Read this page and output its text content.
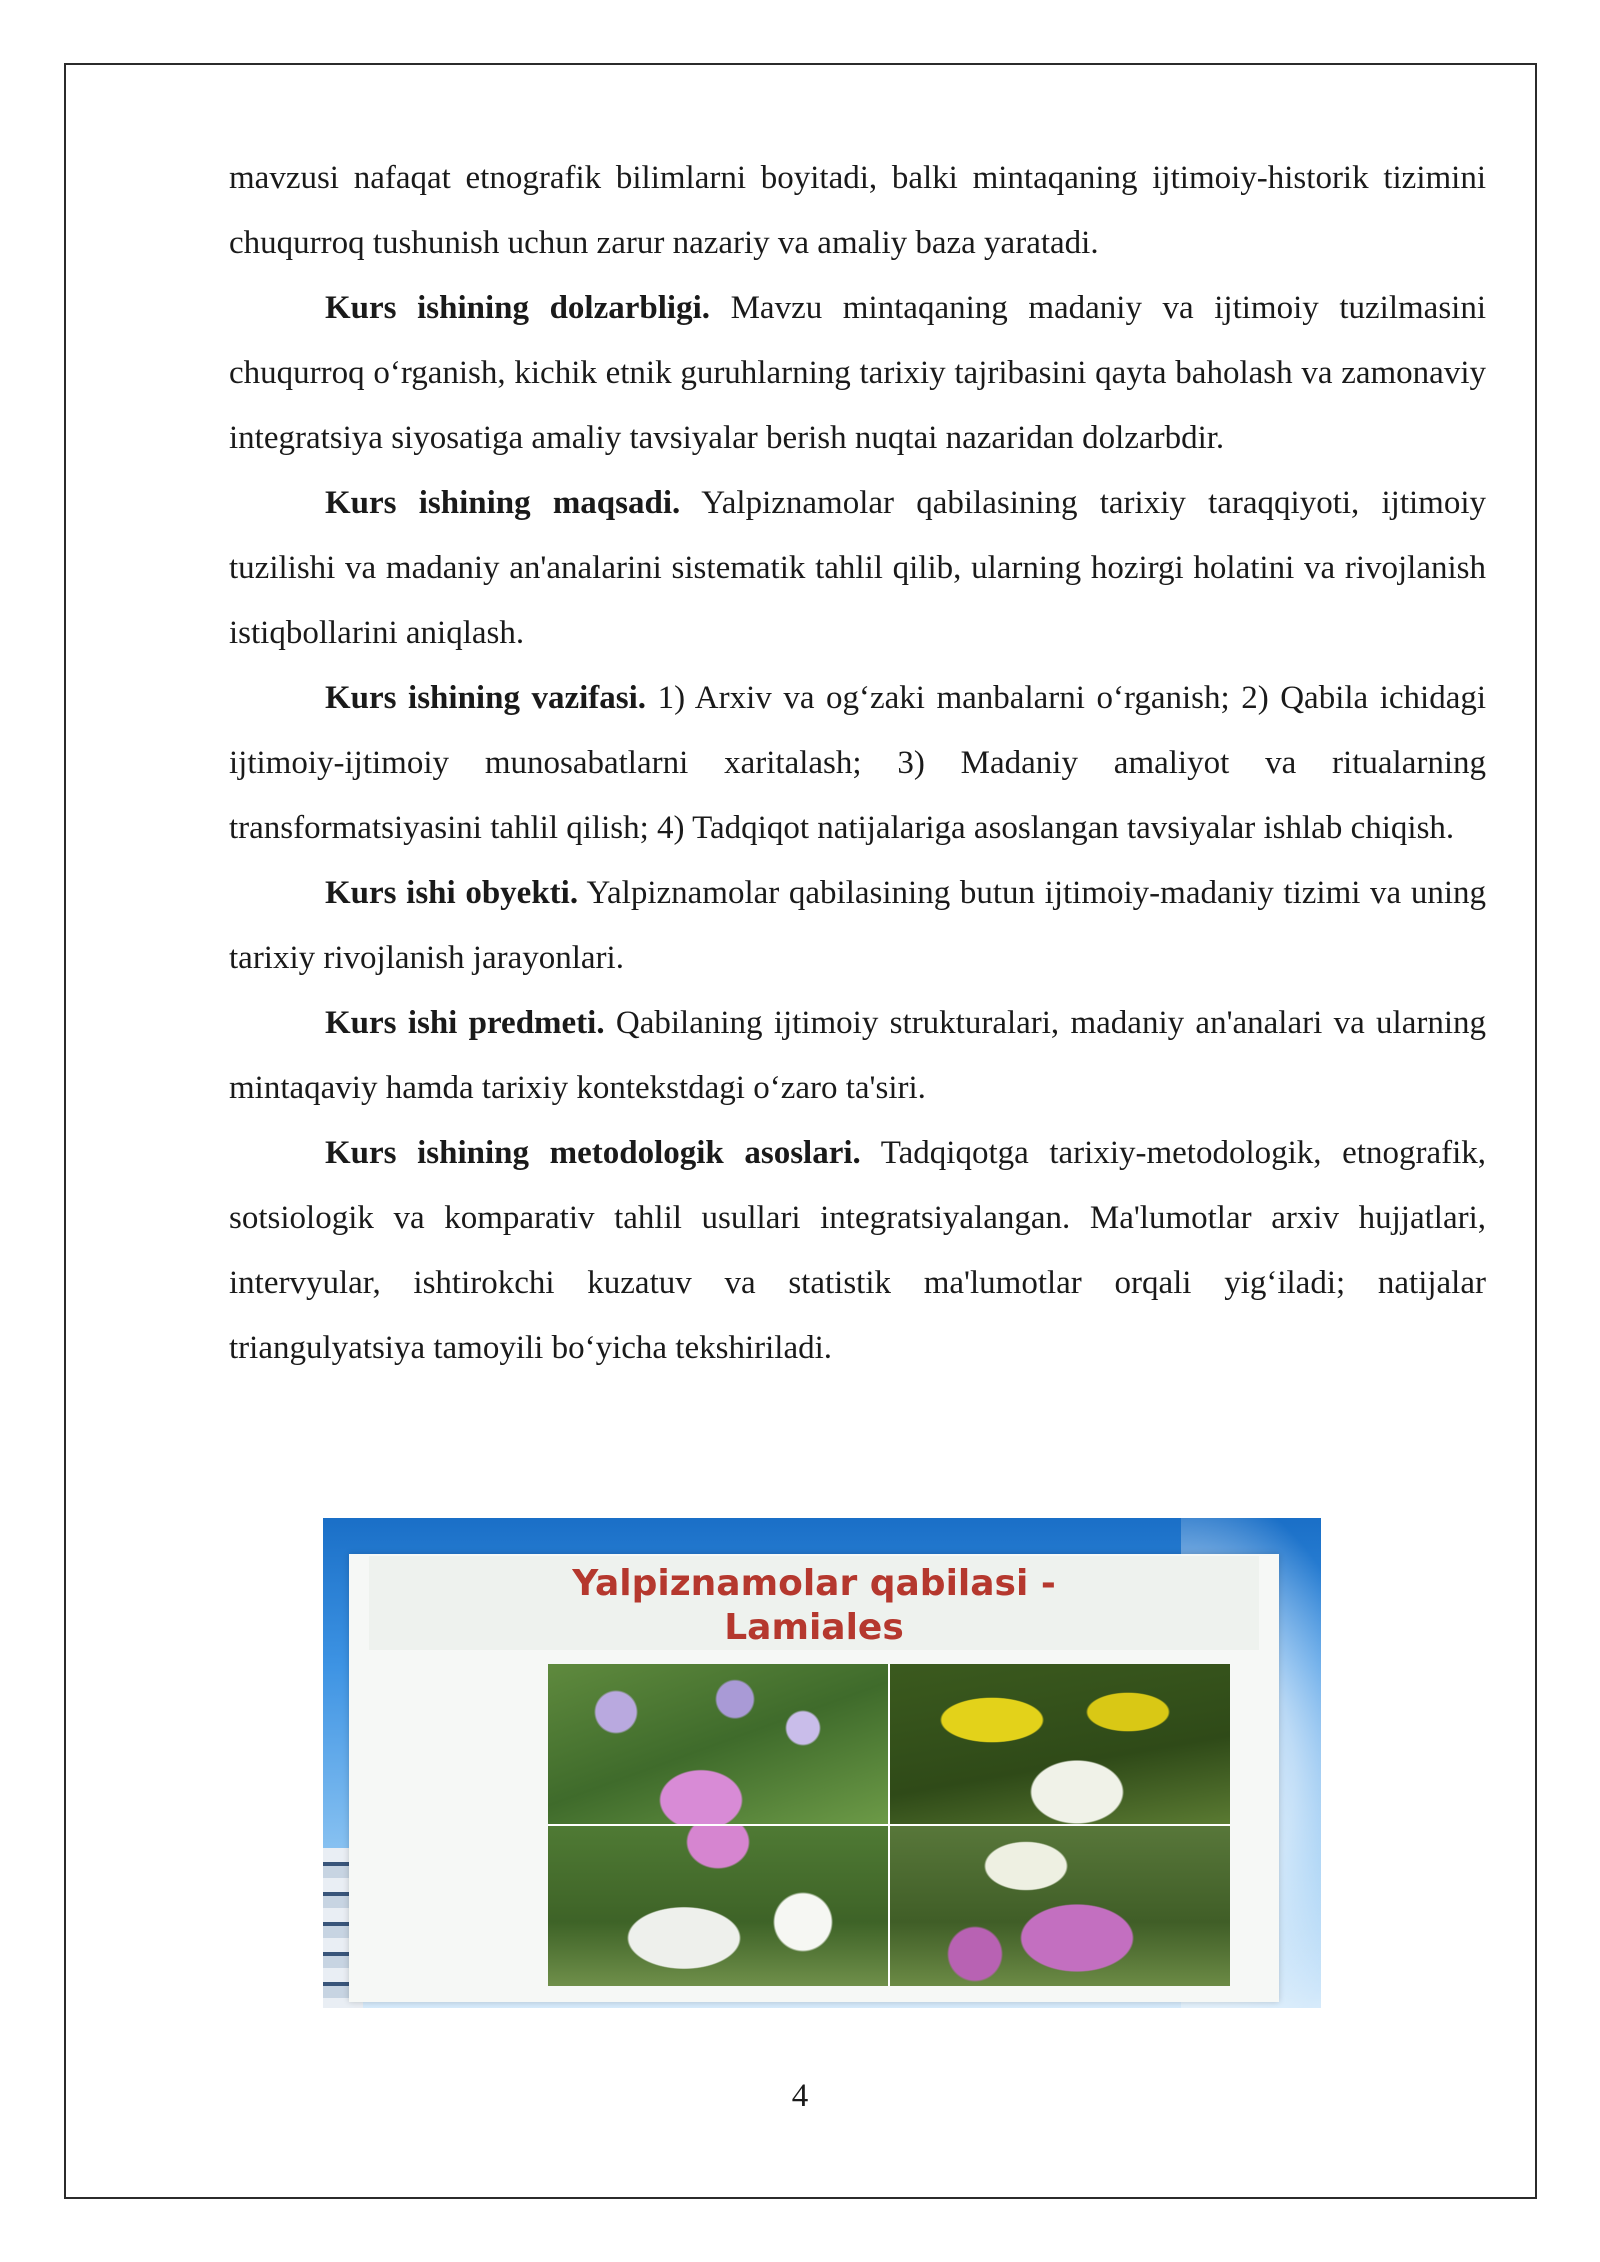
mavzusi nafaqat etnografik bilimlarni boyitadi, balki mintaqaning ijtimoiy-historik tizimini chuqurroq tushunish uchun zarur nazariy va amaliy baza yaratadi.

Kurs ishining dolzarbligi. Mavzu mintaqaning madaniy va ijtimoiy tuzilmasini chuqurroq oʻrganish, kichik etnik guruhlarning tarixiy tajribasini qayta baholash va zamonaviy integratsiya siyosatiga amaliy tavsiyalar berish nuqtai nazaridan dolzarbdir.

Kurs ishining maqsadi. Yalpiznamolar qabilasining tarixiy taraqqiyoti, ijtimoiy tuzilishi va madaniy an'analarini sistematik tahlil qilib, ularning hozirgi holatini va rivojlanish istiqbollarini aniqlash.

Kurs ishining vazifasi. 1) Arxiv va ogʻzaki manbalarni oʻrganish; 2) Qabila ichidagi ijtimoiy-ijtimoiy munosabatlarni xaritalash; 3) Madaniy amaliyot va ritualarning transformatsiyasini tahlil qilish; 4) Tadqiqot natijalariga asoslangan tavsiyalar ishlab chiqish.

Kurs ishi obyekti. Yalpiznamolar qabilasining butun ijtimoiy-madaniy tizimi va uning tarixiy rivojlanish jarayonlari.

Kurs ishi predmeti. Qabilaning ijtimoiy strukturalari, madaniy an'analari va ularning mintaqaviy hamda tarixiy kontekstdagi oʻzaro ta'siri.

Kurs ishining metodologik asoslari. Tadqiqotga tarixiy-metodologik, etnografik, sotsiologik va komparativ tahlil usullari integratsiyalangan. Ma'lumotlar arxiv hujjatlari, intervyular, ishtirokchi kuzatuv va statistik ma'lumotlar orqali yigʻiladi; natijalar triangulyatsiya tamoyili boʻyicha tekshiriladi.

Yalpiznamolar qabilasi -
Lamiales
4
